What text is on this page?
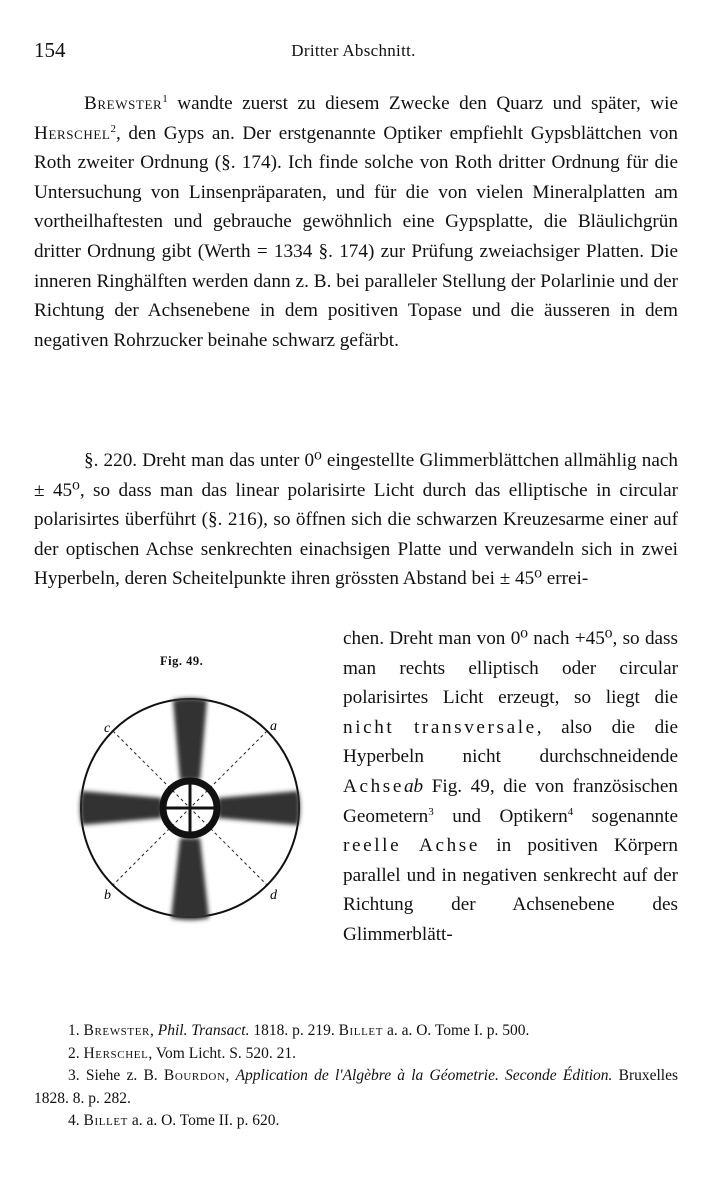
154	Dritter Abschnitt.
Brewster$^1$ wandte zuerst zu diesem Zwecke den Quarz und später, wie Herschel$^2$, den Gyps an. Der erstgenannte Optiker empfiehlt Gypsblättchen von Roth zweiter Ordnung (§. 174). Ich finde solche von Roth dritter Ordnung für die Untersuchung von Linsenpräparaten, und für die von vielen Mineralplatten am vortheilhaftesten und gebrauche gewöhnlich eine Gypsplatte, die Bläulichgrün dritter Ordnung gibt (Werth = 1334 §. 174) zur Prüfung zweiachsiger Platten. Die inneren Ringhälften werden dann z. B. bei paralleler Stellung der Polarlinie und der Richtung der Achsenebene in dem positiven Topase und die äusseren in dem negativen Rohrzucker beinahe schwarz gefärbt.
§. 220. Dreht man das unter 0⁰ eingestellte Glimmerblättchen allmählig nach ± 45⁰, so dass man das linear polarisirte Licht durch das elliptische in circular polarisirtes überführt (§. 216), so öffnen sich die schwarzen Kreuzesarme einer auf der optischen Achse senkrechten einachsigen Platte und verwandeln sich in zwei Hyperbeln, deren Scheitelpunkte ihren grössten Abstand bei ± 45⁰ errei-
Fig. 49.
c	a
b	d
chen. Dreht man von 0⁰ nach +45⁰, so dass man rechts elliptisch oder circular polarisirtes Licht erzeugt, so liegt die nicht transversale, also die die Hyperbeln nicht durchschneidende Achseab Fig. 49, die von französischen Geometern$^3$ und Optikern$^4$ sogenannte reelle Achse in positiven Körpern parallel und in negativen senkrecht auf der Richtung der Achsenebene des Glimmerblätt-
1. Brewster, Phil. Transact. 1818. p. 219. Billet a. a. O. Tome I. p. 500.
2. Herschel, Vom Licht. S. 520. 21.
3. Siehe z. B. Bourdon, Application de l'Algèbre à la Géometrie. Seconde Édition. Bruxelles 1828. 8. p. 282.
4. Billet a. a. O. Tome II. p. 620.
